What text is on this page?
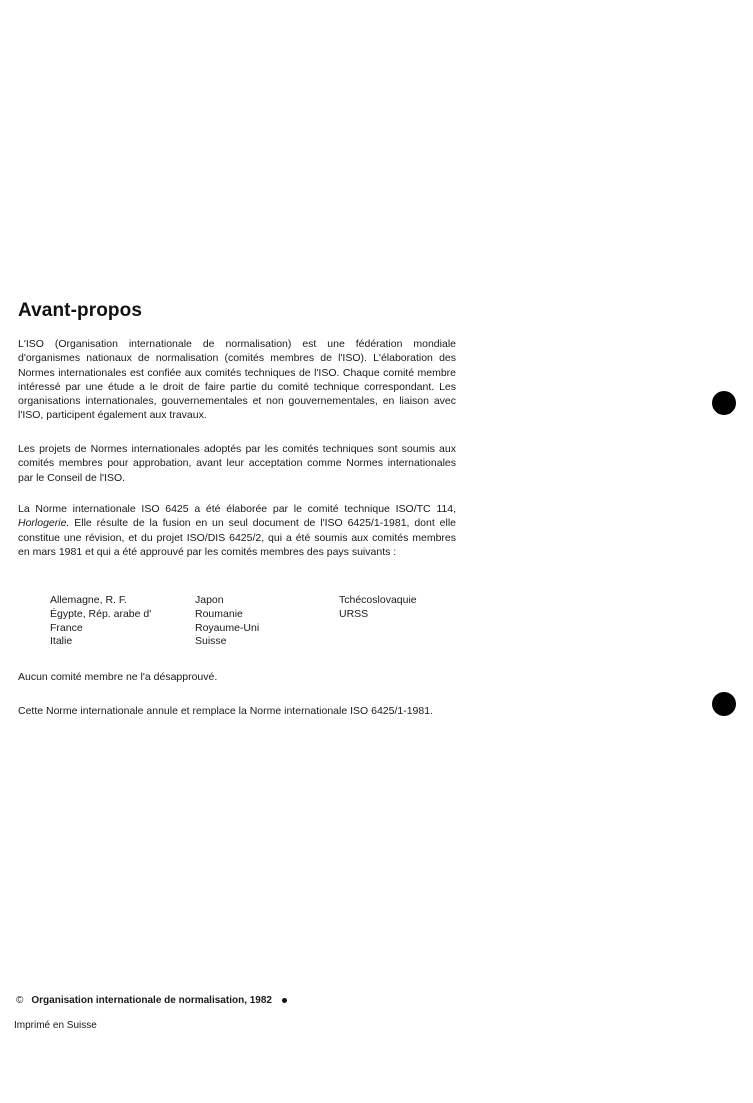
Avant-propos

L'ISO (Organisation internationale de normalisation) est une fédération mondiale d'organismes nationaux de normalisation (comités membres de l'ISO). L'élaboration des Normes internationales est confiée aux comités techniques de l'ISO. Chaque comité membre intéressé par une étude a le droit de faire partie du comité technique correspondant. Les organisations internationales, gouvernementales et non gouvernementales, en liaison avec l'ISO, participent également aux travaux.

Les projets de Normes internationales adoptés par les comités techniques sont soumis aux comités membres pour approbation, avant leur acceptation comme Normes internationales par le Conseil de l'ISO.

La Norme internationale ISO 6425 a été élaborée par le comité technique ISO/TC 114, Horlogerie. Elle résulte de la fusion en un seul document de l'ISO 6425/1-1981, dont elle constitue une révision, et du projet ISO/DIS 6425/2, qui a été soumis aux comités membres en mars 1981 et qui a été approuvé par les comités membres des pays suivants :

Allemagne, R. F.
Égypte, Rép. arabe d'
France
Italie
Japon
Roumanie
Royaume-Uni
Suisse
Tchécoslovaquie
URSS

Aucun comité membre ne l'a désapprouvé.

Cette Norme internationale annule et remplace la Norme internationale ISO 6425/1-1981.

© Organisation internationale de normalisation, 1982
Imprimé en Suisse
